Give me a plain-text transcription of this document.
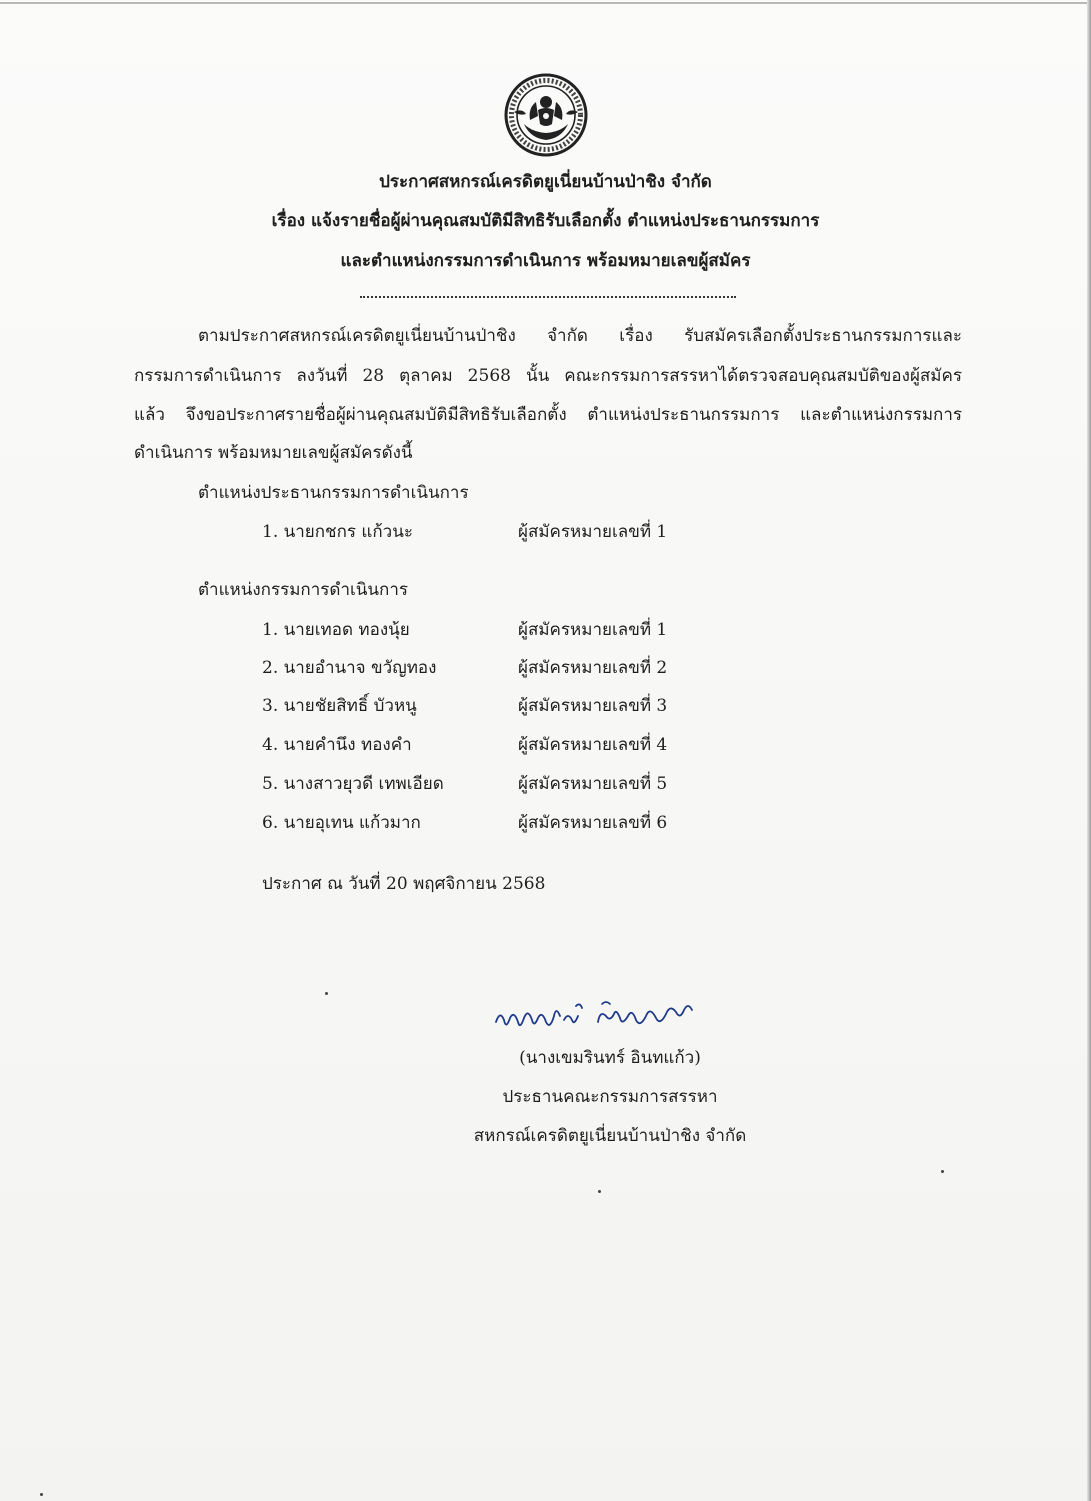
ประกาศสหกรณ์เครดิตยูเนี่ยนบ้านป่าชิง จำกัด
เรื่อง แจ้งรายชื่อผู้ผ่านคุณสมบัติมีสิทธิรับเลือกตั้ง ตำแหน่งประธานกรรมการ
และตำแหน่งกรรมการดำเนินการ พร้อมหมายเลขผู้สมัคร
ตามประกาศสหกรณ์เครดิตยูเนี่ยนบ้านป่าชิง จำกัด เรื่อง รับสมัครเลือกตั้งประธานกรรมการและ
กรรมการดำเนินการ ลงวันที่ 28 ตุลาคม 2568 นั้น คณะกรรมการสรรหาได้ตรวจสอบคุณสมบัติของผู้สมัคร
แล้ว จึงขอประกาศรายชื่อผู้ผ่านคุณสมบัติมีสิทธิรับเลือกตั้ง ตำแหน่งประธานกรรมการ และตำแหน่งกรรมการ
ดำเนินการ พร้อมหมายเลขผู้สมัครดังนี้
ตำแหน่งประธานกรรมการดำเนินการ
1. นายกชกร แก้วนะ	ผู้สมัครหมายเลขที่ 1
ตำแหน่งกรรมการดำเนินการ
1. นายเทอด ทองนุ้ย	ผู้สมัครหมายเลขที่ 1
2. นายอำนาจ ขวัญทอง	ผู้สมัครหมายเลขที่ 2
3. นายชัยสิทธิ์ บัวหนู	ผู้สมัครหมายเลขที่ 3
4. นายคำนึง ทองคำ	ผู้สมัครหมายเลขที่ 4
5. นางสาวยุวดี เทพเอียด	ผู้สมัครหมายเลขที่ 5
6. นายอุเทน แก้วมาก	ผู้สมัครหมายเลขที่ 6
ประกาศ ณ วันที่ 20 พฤศจิกายน 2568
(นางเขมรินทร์ อินทแก้ว)
ประธานคณะกรรมการสรรหา
สหกรณ์เครดิตยูเนี่ยนบ้านป่าชิง จำกัด
